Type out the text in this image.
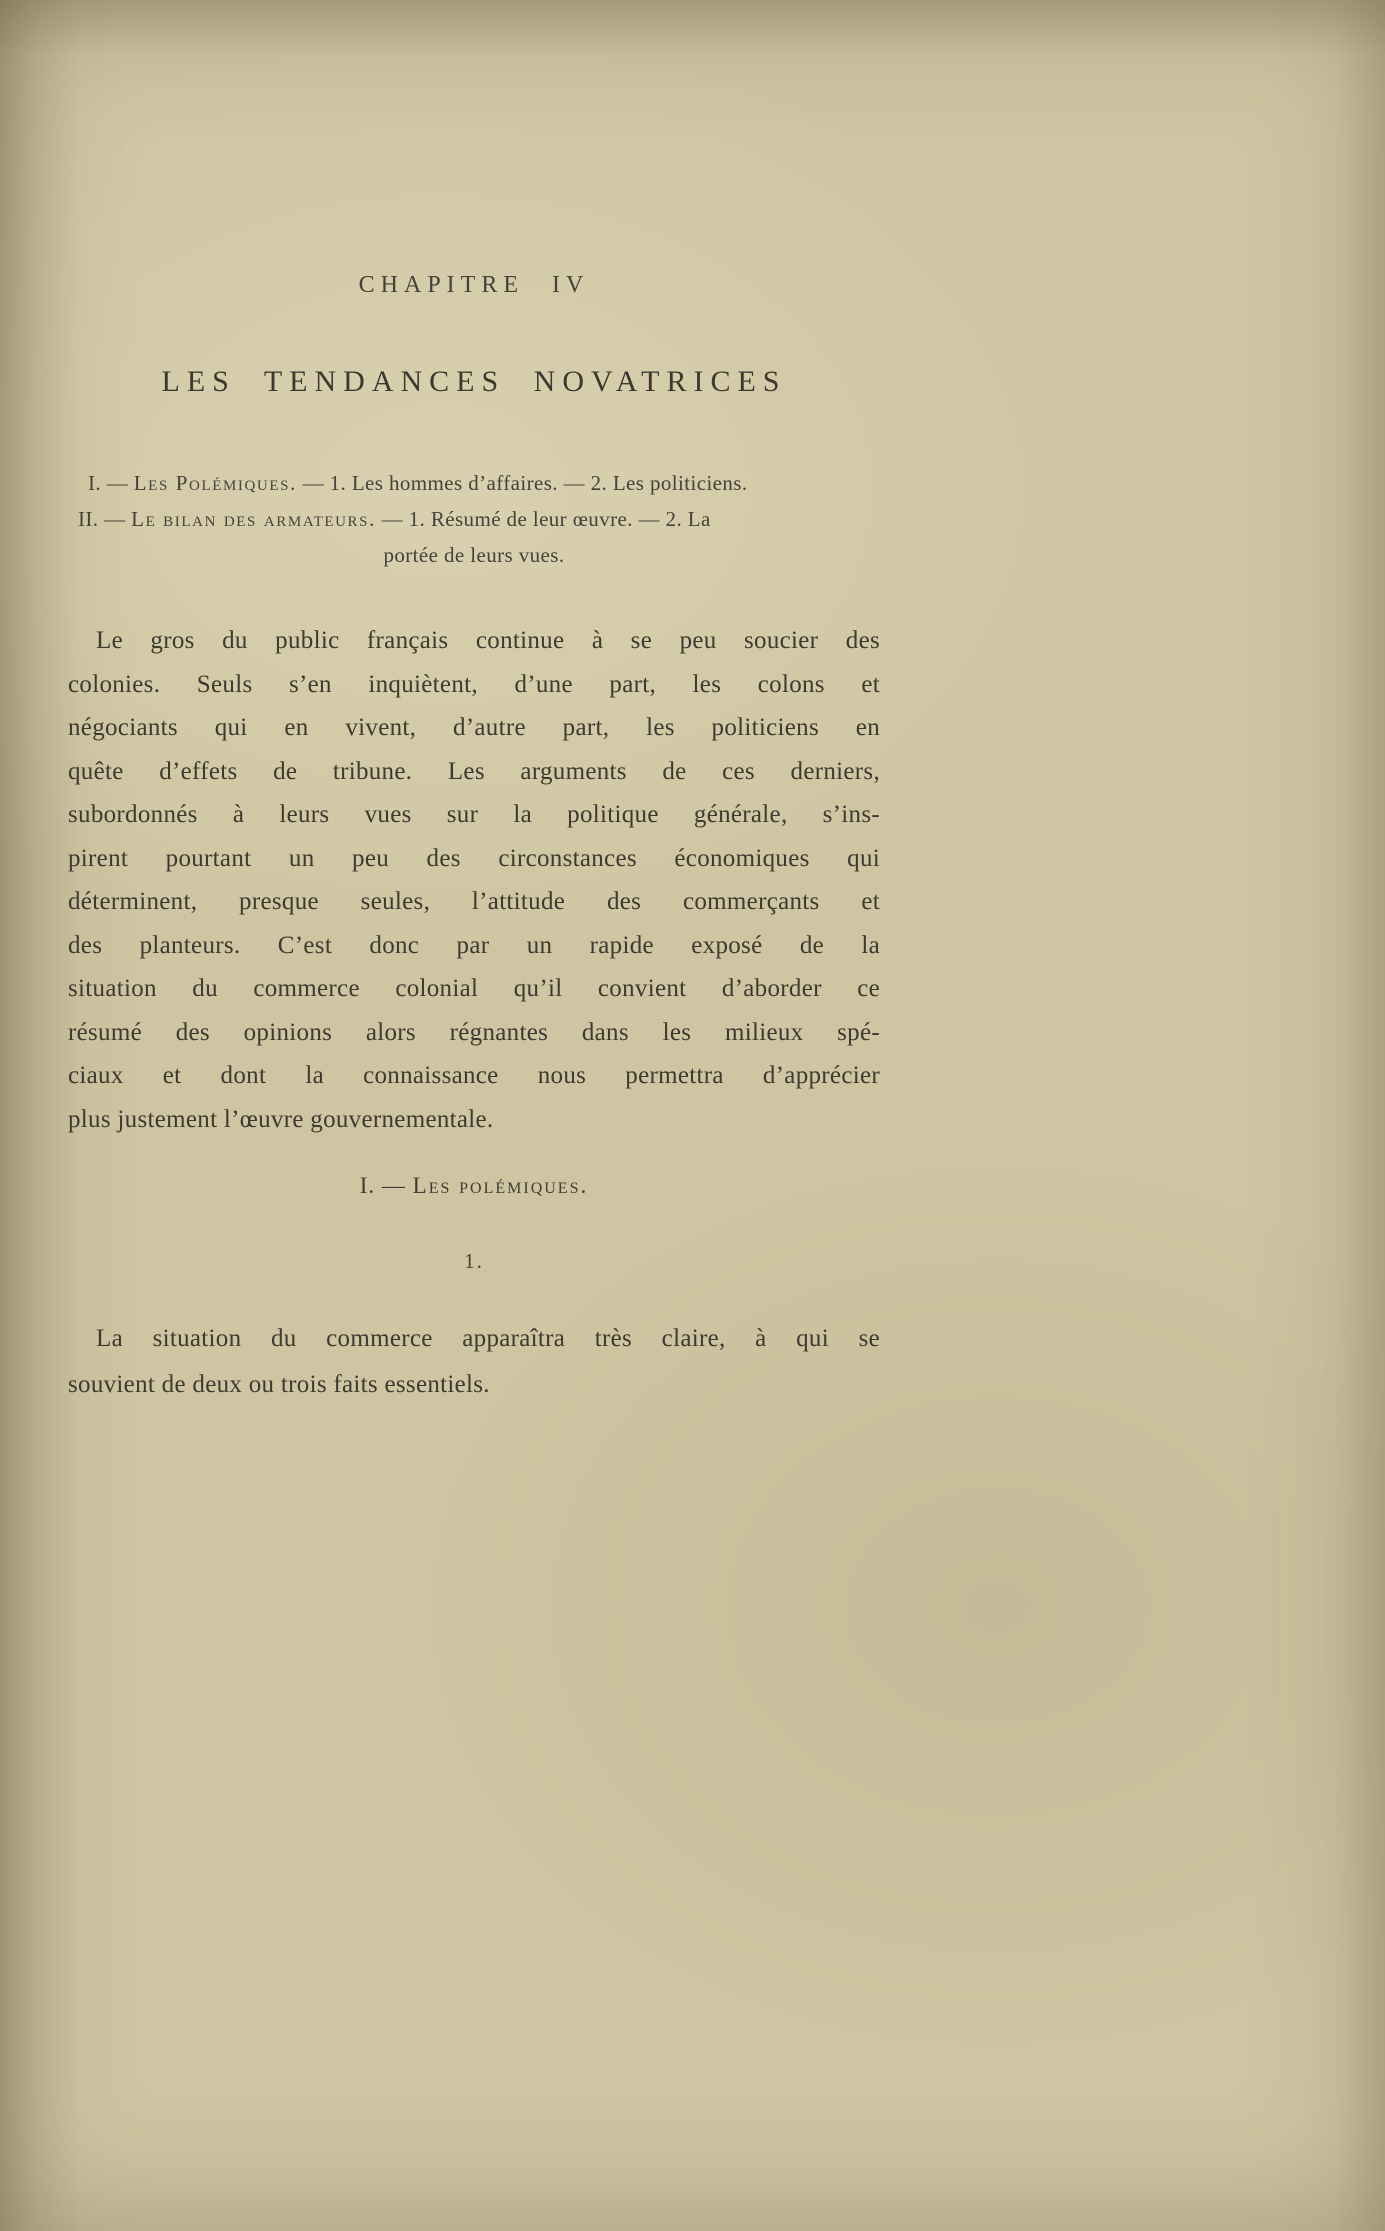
CHAPITRE IV
LES TENDANCES NOVATRICES
I. — Les Polémiques. — 1. Les hommes d’affaires. — 2. Les politiciens.
II. — Le bilan des armateurs. — 1. Résumé de leur œuvre. — 2. La
portée de leurs vues.

Le gros du public français continue à se peu soucier des
colonies. Seuls s’en inquiètent, d’une part, les colons et
négociants qui en vivent, d’autre part, les politiciens en
quête d’effets de tribune. Les arguments de ces derniers,
subordonnés à leurs vues sur la politique générale, s’ins-
pirent pourtant un peu des circonstances économiques qui
déterminent, presque seules, l’attitude des commerçants et
des planteurs. C’est donc par un rapide exposé de la
situation du commerce colonial qu’il convient d’aborder ce
résumé des opinions alors régnantes dans les milieux spé-
ciaux et dont la connaissance nous permettra d’apprécier
plus justement l’œuvre gouvernementale.

I. — Les polémiques.
1.

La situation du commerce apparaîtra très claire, à qui se
souvient de deux ou trois faits essentiels.
